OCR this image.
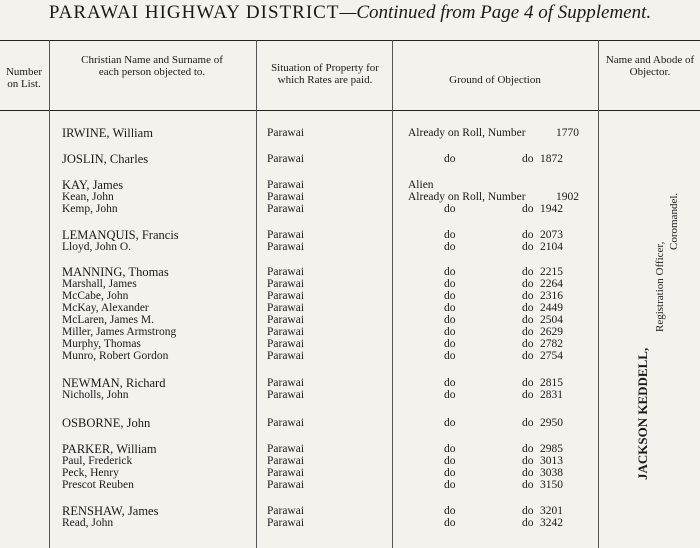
PARAWAI HIGHWAY DISTRICT—Continued from Page 4 of Supplement.
Number on List.
Christian Name and Surname of each person objected to.	Situation of Property for which Rates are paid.	Ground of Objection
Name and Abode of Objector.
IRWINE, William	Parawai	Already on Roll, Number	1770
JOSLIN, Charles	Parawai	do	do 1872
KAY, James	Parawai	Alien
Kean, John	Parawai	Already on Roll, Number	1902
Kemp, John	Parawai	do	do 1942
LEMANQUIS, Francis	Parawai	do	do 2073
Lloyd, John O.	Parawai	do	do 2104
MANNING, Thomas	Parawai	do	do 2215
Marshall, James	Parawai	do	do 2264
McCabe, John	Parawai	do	do 2316
McKay, Alexander	Parawai	do	do 2449
McLaren, James M.	Parawai	do	do 2504
Miller, James Armstrong	Parawai	do	do 2629
Murphy, Thomas	Parawai	do	do 2782
Munro, Robert Gordon	Parawai	do	do 2754
NEWMAN, Richard	Parawai	do	do 2815
Nicholls, John	Parawai	do	do 2831
OSBORNE, John	Parawai	do	do 2950
PARKER, William	Parawai	do	do 2985
Paul, Frederick	Parawai	do	do 3013
Peck, Henry	Parawai	do	do 3038
Prescot Reuben	Parawai	do	do 3150
RENSHAW, James	Parawai	do	do 3201
Read, John	Parawai	do	do 3242
JACKSON KEDDELL,
Registration Officer,
Coromandel.
